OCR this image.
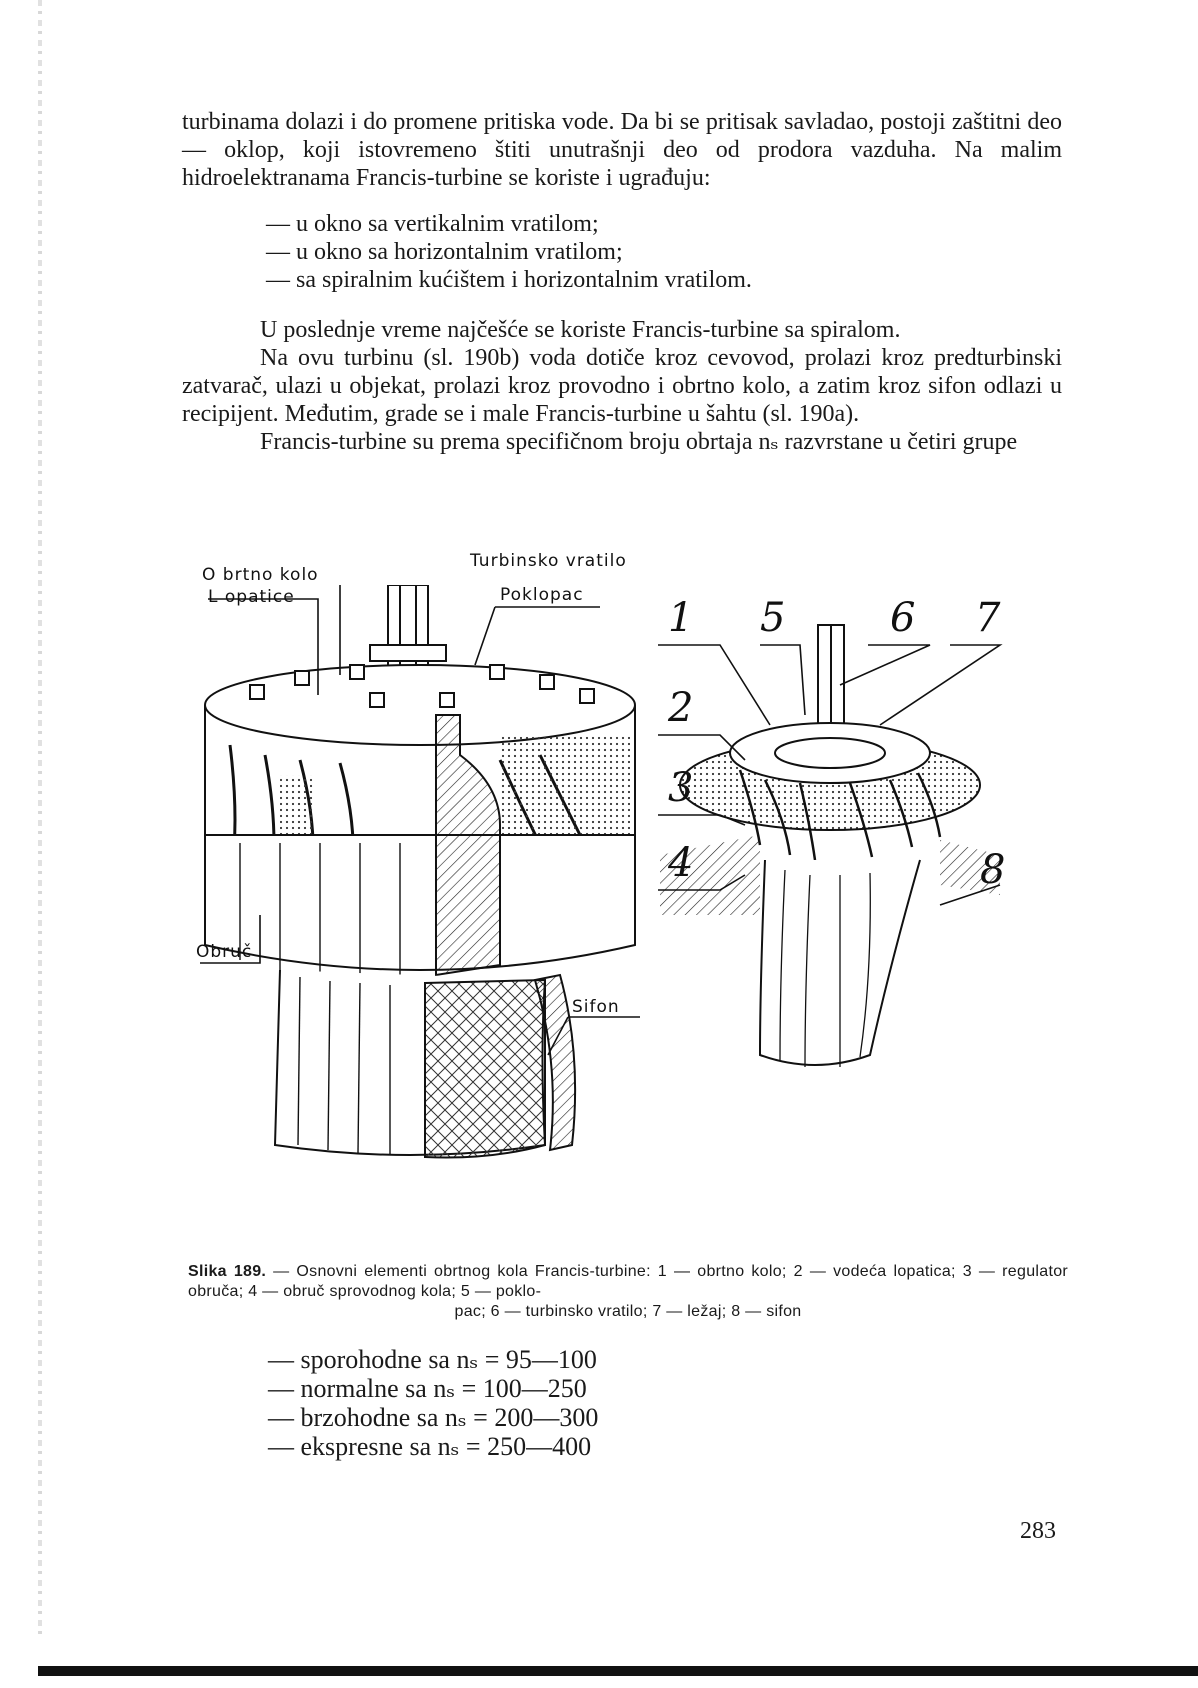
turbinama dolazi i do promene pritiska vode. Da bi se pritisak savladao, postoji zaštitni deo — oklop, koji istovremeno štiti unutrašnji deo od prodora vazduha. Na malim hidroelektranama Francis-turbine se koriste i ugrađuju:

— u okno sa vertikalnim vratilom;
— u okno sa horizontalnim vratilom;
— sa spiralnim kućištem i horizontalnim vratilom.

U poslednje vreme najčešće se koriste Francis-turbine sa spiralom.

Na ovu turbinu (sl. 190b) voda dotiče kroz cevovod, prolazi kroz predturbinski zatvarač, ulazi u objekat, prolazi kroz provodno i obrtno kolo, a zatim kroz sifon odlazi u recipijent. Međutim, grade se i male Francis-turbine u šahtu (sl. 190a).

Francis-turbine su prema specifičnom broju obrtaja nₛ razvrstane u četiri grupe

O brtno kolo
L opatice
Turbinsko vratilo
Poklopac
Obruč
Sifon
1
2
3
4
5	6 7
8
Slika 189. — Osnovni elementi obrtnog kola Francis-turbine: 1 — obrtno kolo; 2 — vodeća lopatica; 3 — regulator obruča; 4 — obruč sprovodnog kola; 5 — poklo-
pac; 6 — turbinsko vratilo; 7 — ležaj; 8 — sifon
— sporohodne sa nₛ = 95—100
— normalne sa nₛ = 100—250
— brzohodne sa nₛ = 200—300
— ekspresne sa nₛ = 250—400
283
